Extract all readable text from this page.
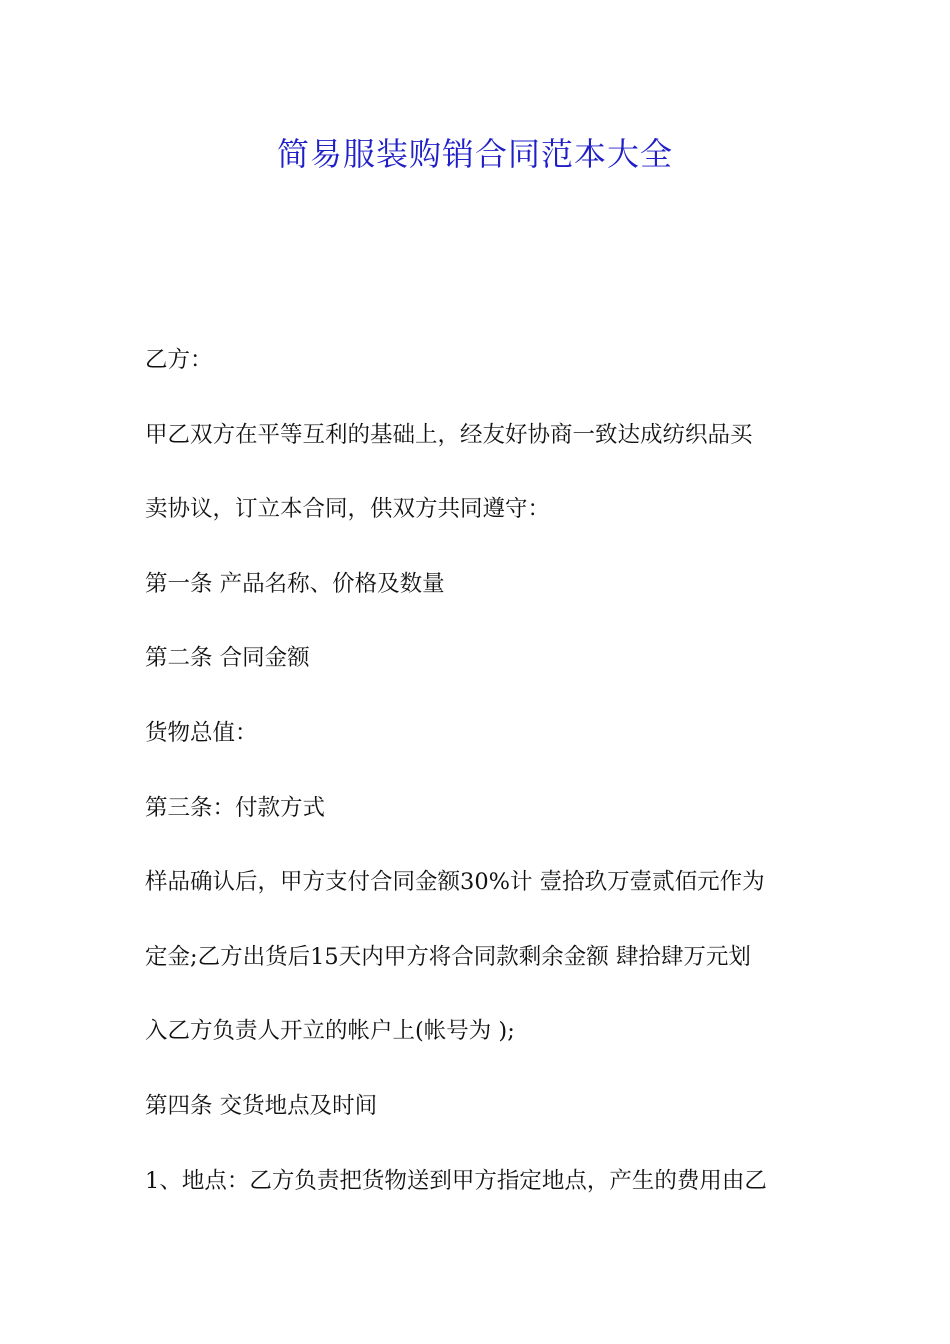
简易服装购销合同范本大全

乙方：

甲乙双方在平等互利的基础上，经友好协商一致达成纺织品买

卖协议，订立本合同，供双方共同遵守：

第一条 产品名称、价格及数量

第二条 合同金额

货物总值：

第三条：付款方式

样品确认后，甲方支付合同金额30%计 壹拾玖万壹贰佰元作为

定金;乙方出货后15天内甲方将合同款剩余金额 肆拾肆万元划

入乙方负责人开立的帐户上(帐号为 );

第四条 交货地点及时间

1、地点：乙方负责把货物送到甲方指定地点，产生的费用由乙
